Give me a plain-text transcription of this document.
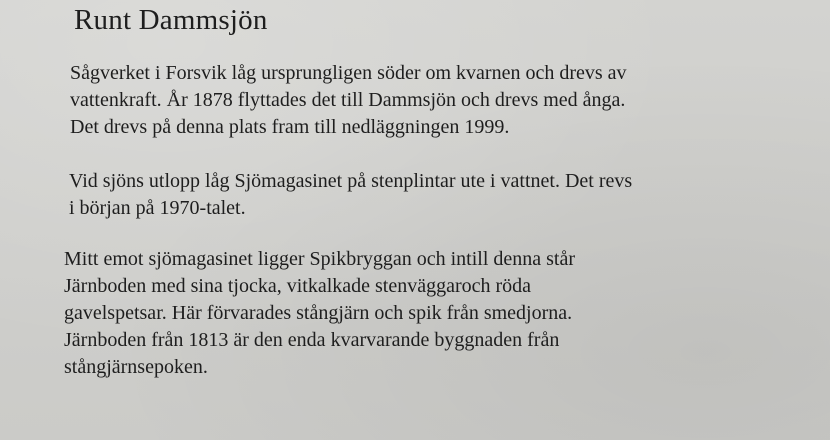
Runt Dammsjön
Sågverket i Forsvik låg ursprungligen söder om kvarnen och drevs av
vattenkraft. År 1878 flyttades det till Dammsjön och drevs med ånga.
Det drevs på denna plats fram till nedläggningen 1999.
Vid sjöns utlopp låg Sjömagasinet på stenplintar ute i vattnet. Det revs
i början på 1970-talet.
Mitt emot sjömagasinet ligger Spikbryggan och intill denna står
Järnboden med sina tjocka, vitkalkade stenväggaroch röda
gavelspetsar. Här förvarades stångjärn och spik från smedjorna.
Järnboden från 1813 är den enda kvarvarande byggnaden från
stångjärnsepoken.
